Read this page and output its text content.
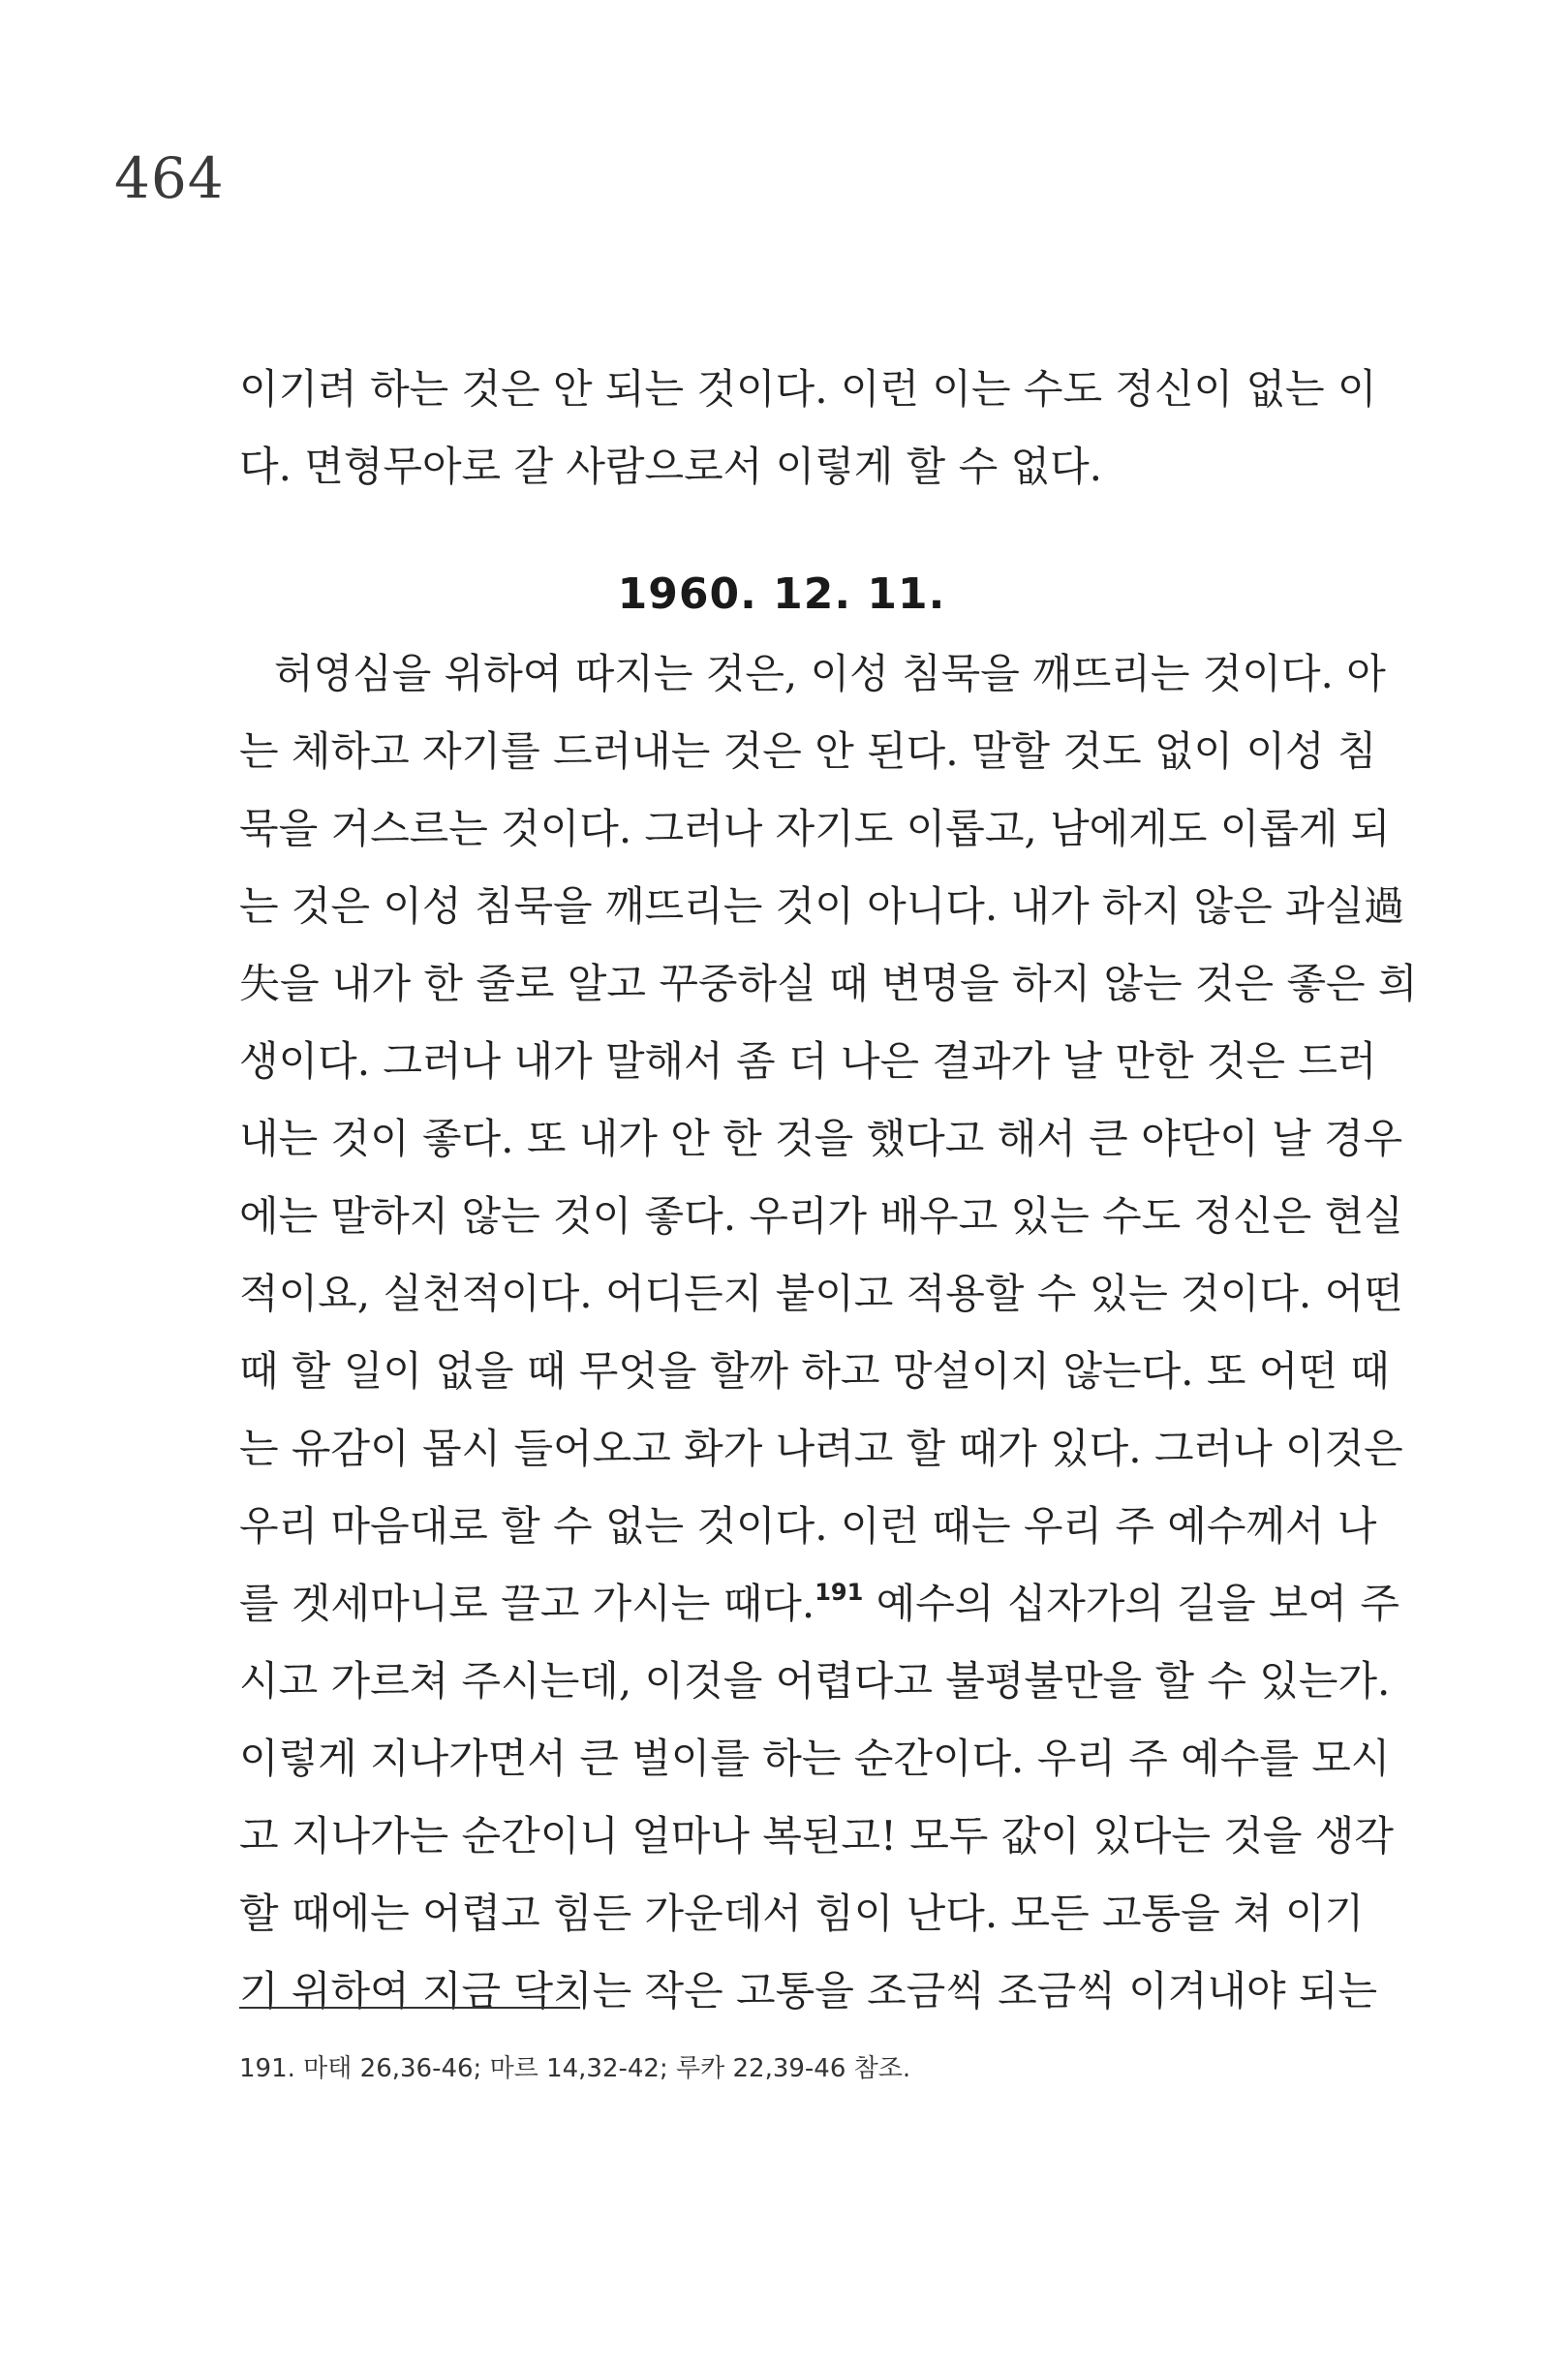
464
이기려 하는 것은 안 되는 것이다. 이런 이는 수도 정신이 없는 이
다. 면형무아로 갈 사람으로서 이렇게 할 수 없다.
1960. 12. 11.
허영심을 위하여 따지는 것은, 이성 침묵을 깨뜨리는 것이다. 아
는 체하고 자기를 드러내는 것은 안 된다. 말할 것도 없이 이성 침
묵을 거스르는 것이다. 그러나 자기도 이롭고, 남에게도 이롭게 되
는 것은 이성 침묵을 깨뜨리는 것이 아니다. 내가 하지 않은 과실過
失을 내가 한 줄로 알고 꾸중하실 때 변명을 하지 않는 것은 좋은 희
생이다. 그러나 내가 말해서 좀 더 나은 결과가 날 만한 것은 드러
내는 것이 좋다. 또 내가 안 한 것을 했다고 해서 큰 야단이 날 경우
에는 말하지 않는 것이 좋다. 우리가 배우고 있는 수도 정신은 현실
적이요, 실천적이다. 어디든지 붙이고 적용할 수 있는 것이다. 어떤
때 할 일이 없을 때 무엇을 할까 하고 망설이지 않는다. 또 어떤 때
는 유감이 몹시 들어오고 화가 나려고 할 때가 있다. 그러나 이것은
우리 마음대로 할 수 없는 것이다. 이런 때는 우리 주 예수께서 나
를 겟세마니로 끌고 가시는 때다.$^{191}$ 예수의 십자가의 길을 보여 주
시고 가르쳐 주시는데, 이것을 어렵다고 불평불만을 할 수 있는가.
이렇게 지나가면서 큰 벌이를 하는 순간이다. 우리 주 예수를 모시
고 지나가는 순간이니 얼마나 복된고! 모두 값이 있다는 것을 생각
할 때에는 어렵고 힘든 가운데서 힘이 난다. 모든 고통을 쳐 이기
기 위하여 지금 닥치는 작은 고통을 조금씩 조금씩 이겨내야 되는
191. 마태 26,36-46; 마르 14,32-42; 루카 22,39-46 참조.
